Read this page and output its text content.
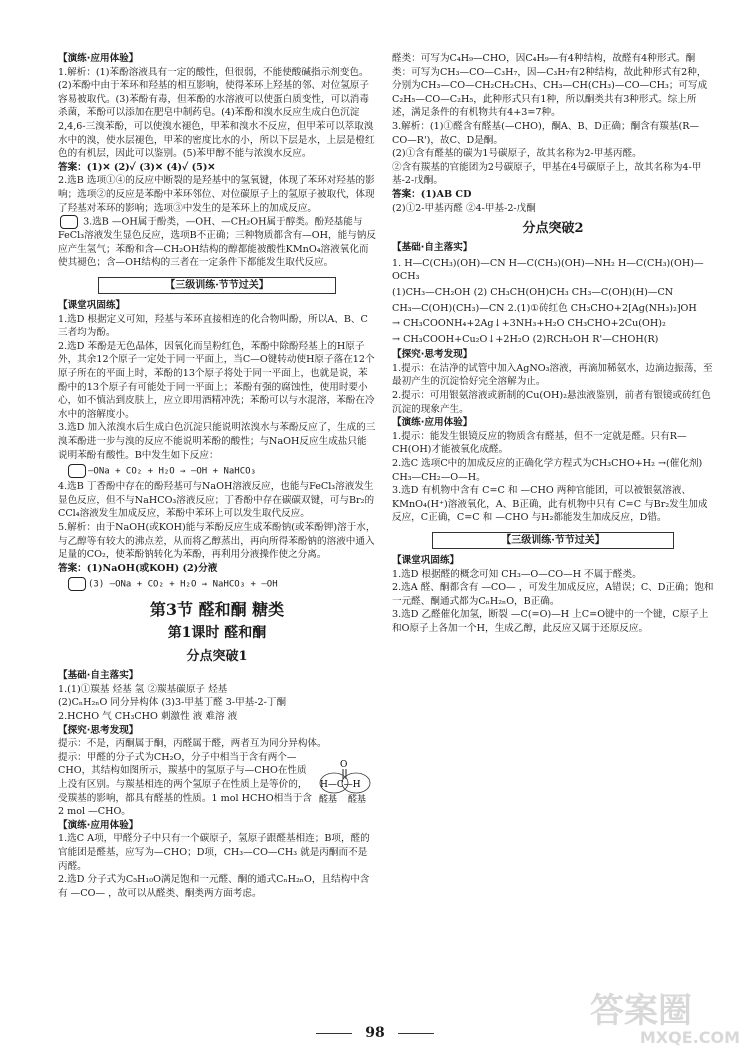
【演练·应用体验】

1.解析：(1)苯酚溶液具有一定的酸性，但很弱，不能使酸碱指示剂变色。(2)苯酚中由于苯环和羟基的相互影响，使得苯环上羟基的邻、对位氢原子容易被取代。(3)苯酚有毒，但苯酚的水溶液可以使蛋白质变性，可以消毒杀菌，苯酚可以添加在肥皂中制药皂。(4)苯酚和溴水反应生成白色沉淀2,4,6-三溴苯酚，可以使溴水褪色，甲苯和溴水不反应，但甲苯可以萃取溴水中的溴，使水层褪色，甲苯的密度比水的小，所以下层是水，上层是橙红色的有机层，因此可以鉴别。(5)苯甲醇不能与浓溴水反应。

答案：(1)✕ (2)✓ (3)✕ (4)✓ (5)✕

2.选B 选项①④的反应中断裂的是羟基中的氢氧键，体现了苯环对羟基的影响；选项②的反应是苯酚中苯环邻位、对位碳原子上的氢原子被取代，体现了羟基对苯环的影响；选项③中发生的是苯环上的加成反应。

3.选B —OH属于酚类，—OH、—CH₂OH属于醇类。酚羟基能与FeCl₃溶液发生显色反应，选项B不正确；三种物质都含有—OH，能与钠反应产生氢气；苯酚和含—CH₂OH结构的醇都能被酸性KMnO₄溶液氧化而使其褪色；含—OH结构的三者在一定条件下都能发生取代反应。

【三级训练·节节过关】

【课堂巩固练】

1.选D 根据定义可知，羟基与苯环直接相连的化合物叫酚，所以A、B、C三者均为酚。

2.选D 苯酚是无色晶体，因氧化而呈粉红色，苯酚中除酚羟基上的H原子外，其余12个原子一定处于同一平面上，当C—O键转动使H原子落在12个原子所在的平面上时，苯酚的13个原子将处于同一平面上，也就是说，苯酚中的13个原子有可能处于同一平面上；苯酚有强的腐蚀性，使用时要小心，如不慎沾到皮肤上，应立即用酒精冲洗；苯酚可以与水混溶，苯酚在冷水中的溶解度小。

3.选D 加入浓溴水后生成白色沉淀只能说明浓溴水与苯酚反应了，生成的三溴苯酚进一步与溴的反应不能说明苯酚的酸性；与NaOH反应生成盐只能说明苯酚有酸性。B中发生如下反应：

—ONa + CO₂ + H₂O → —OH + NaHCO₃

4.选B 丁香酚中存在的酚羟基可与NaOH溶液反应，也能与FeCl₃溶液发生显色反应，但不与NaHCO₃溶液反应；丁香酚中存在碳碳双键，可与Br₂的CCl₄溶液发生加成反应，苯酚中苯环上可以发生取代反应。

5.解析：由于NaOH(或KOH)能与苯酚反应生成苯酚钠(或苯酚钾)溶于水，与乙醇等有较大的沸点差，从而将乙醇蒸出，再向所得苯酚钠的溶液中通入足量的CO₂，使苯酚钠转化为苯酚，再利用分液操作使之分离。

答案：(1)NaOH(或KOH) (2)分液

(3) —ONa + CO₂ + H₂O → NaHCO₃ + —OH
第3节 醛和酮 糖类
第1课时 醛和酮
分点突破1

【基础·自主落实】

1.(1)①羰基 烃基 氢 ②羰基碳原子 烃基

(2)CₙH₂ₙO 同分异构体 (3)3-甲基丁醛 3-甲基-2-丁酮

2.HCHO 气 CH₃CHO 刺激性 液 难溶 液

【探究·思考发现】

提示：不是，丙酮属于酮，丙醛属于醛，两者互为同分异构体。

提示：甲醛的分子式为CH₂O，分子中相当于含有两个—CHO，其结构如图所示，羰基中的氢原子与—CHO在性质上没有区别。与羰基相连的两个氢原子在性质上是等价的，受羰基的影响，都具有醛基的性质。1 mol HCHO相当于含2 mol —CHO。

O
H—C—H
醛基 醛基

【演练·应用体验】

1.选C A项，甲醛分子中只有一个碳原子，氢原子跟醛基相连；B项，醛的官能团是醛基，应写为—CHO；D项，CH₃—CO—CH₃ 就是丙酮而不是丙醛。

2.选D 分子式为C₅H₁₀O满足饱和一元醛、酮的通式CₙH₂ₙO，且结构中含有 —CO— ，故可以从醛类、酮类两方面考虑。

醛类：可写为C₄H₉—CHO，因C₄H₉—有4种结构，故醛有4种形式。酮类：可写为CH₃—CO—C₃H₇，因—C₃H₇有2种结构，故此种形式有2种，分别为CH₃—CO—CH₂CH₂CH₃、CH₃—CH(CH₃)—CO—CH₃；可写成C₂H₅—CO—C₂H₅，此种形式只有1种，所以酮类共有3种形式。综上所述，满足条件的有机物共有4+3=7种。

3.解析：(1)①醛含有醛基(—CHO)，酮A、B、D正确；酮含有羰基(R—CO—R')，故C、D是酮。

(2)①含有醛基的碳为1号碳原子，故其名称为2-甲基丙醛。

②含有羰基的官能团为2号碳原子，甲基在4号碳原子上，故其名称为4-甲基-2-戊酮。

答案：(1)AB CD

(2)①2-甲基丙醛 ②4-甲基-2-戊酮

分点突破2

【基础·自主落实】

1. H—C(CH₃)(OH)—CN H—C(CH₃)(OH)—NH₂ H—C(CH₃)(OH)—OCH₃

(1)CH₃—CH₂OH (2) CH₃CH(OH)CH₃ CH₃—C(OH)(H)—CN

CH₃—C(OH)(CH₃)—CN 2.(1)①砖红色 CH₃CHO+2[Ag(NH₃)₂]OH

→ CH₃COONH₄+2Ag↓+3NH₃+H₂O CH₃CHO+2Cu(OH)₂

→ CH₃COOH+Cu₂O↓+2H₂O (2)RCH₂OH R'—CHOH(R)

【探究·思考发现】

1.提示：在洁净的试管中加入AgNO₃溶液，再滴加稀氨水，边滴边振荡，至最初产生的沉淀恰好完全溶解为止。

2.提示：可用银氨溶液或新制的Cu(OH)₂悬浊液鉴别，前者有银镜或砖红色沉淀的现象产生。

【演练·应用体验】

1.提示：能发生银镜反应的物质含有醛基，但不一定就是醛。只有R—CH(OH)才能被氧化成醛。

2.选C 选项C中的加成反应的正确化学方程式为CH₃CHO+H₂ →(催化剂) CH₃—CH₂—O—H。

3.选D 有机物中含有 C=C 和 —CHO 两种官能团，可以被银氨溶液、KMnO₄(H⁺)溶液氧化，A、B正确，此有机物中只有 C=C 与Br₂发生加成反应，C正确，C=C 和 —CHO 与H₂都能发生加成反应，D错。

【三级训练·节节过关】

【课堂巩固练】

1.选D 根据醛的概念可知 CH₃—O—CO—H 不属于醛类。

2.选A 醛、酮都含有 —CO— ，可发生加成反应，A错误；C、D正确；饱和一元醛、酮通式都为CₙH₂ₙO，B正确。

3.选D 乙醛催化加氢，断裂 —C(=O)—H 上C=O键中的一个键，C原子上和O原子上各加一个H，生成乙醇，此反应又属于还原反应。

98
答案圈
MXQE.COM
